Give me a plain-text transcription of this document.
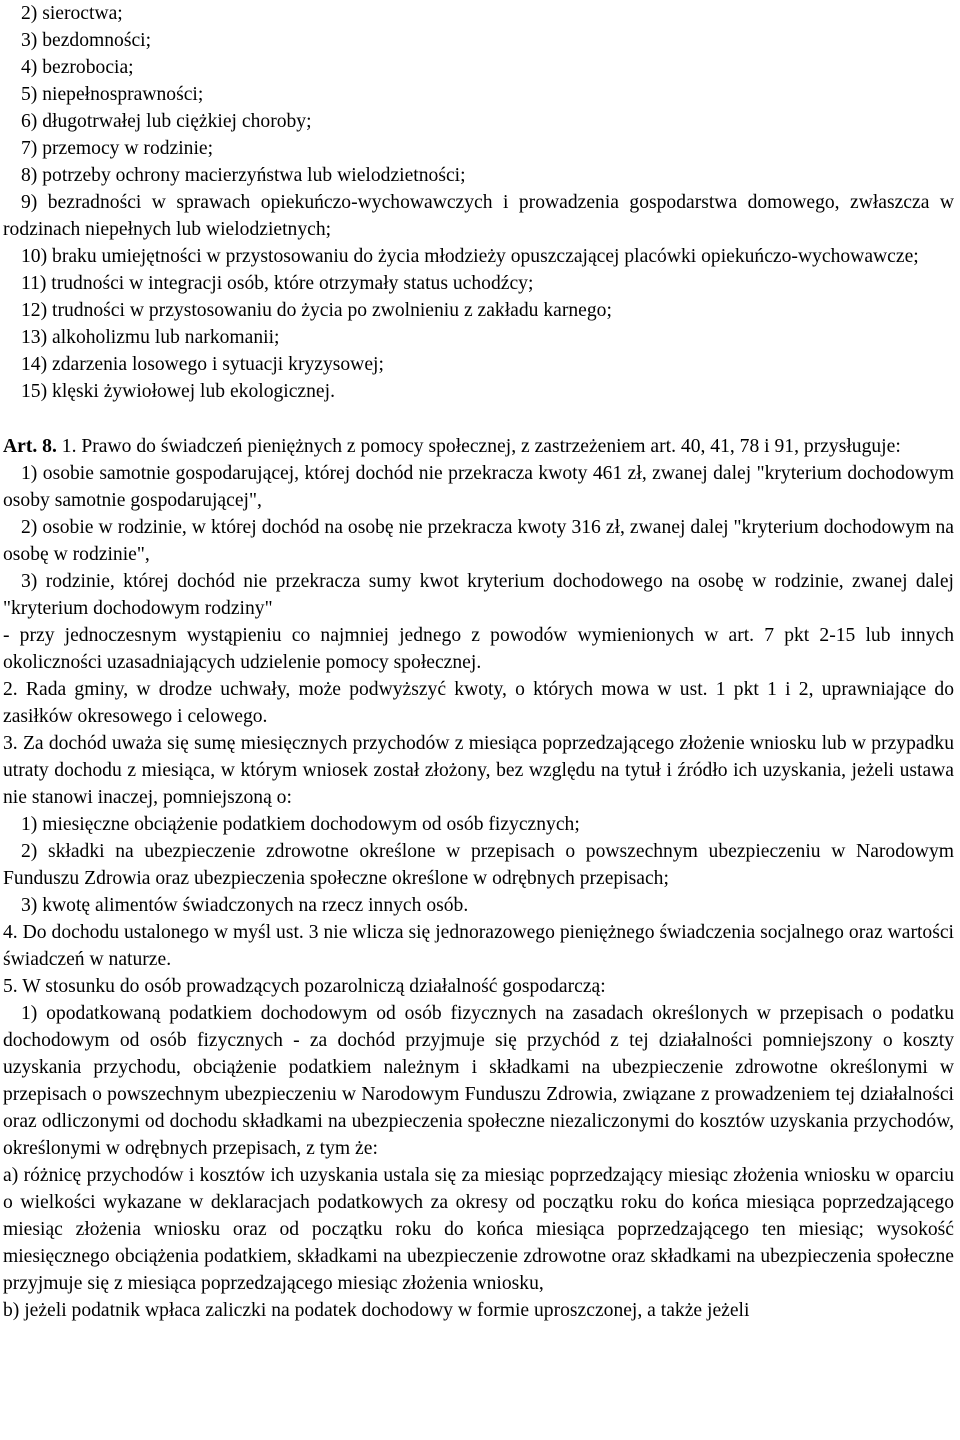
2) sieroctwa;

3) bezdomności;

4) bezrobocia;

5) niepełnosprawności;

6) długotrwałej lub ciężkiej choroby;

7) przemocy w rodzinie;

8) potrzeby ochrony macierzyństwa lub wielodzietności;

9) bezradności w sprawach opiekuńczo-wychowawczych i prowadzenia gospodarstwa domowego, zwłaszcza w rodzinach niepełnych lub wielodzietnych;

10) braku umiejętności w przystosowaniu do życia młodzieży opuszczającej placówki opiekuńczo-wychowawcze;

11) trudności w integracji osób, które otrzymały status uchodźcy;

12) trudności w przystosowaniu do życia po zwolnieniu z zakładu karnego;

13) alkoholizmu lub narkomanii;

14) zdarzenia losowego i sytuacji kryzysowej;

15) klęski żywiołowej lub ekologicznej.

Art. 8. 1. Prawo do świadczeń pieniężnych z pomocy społecznej, z zastrzeżeniem art. 40, 41, 78 i 91, przysługuje:

1) osobie samotnie gospodarującej, której dochód nie przekracza kwoty 461 zł, zwanej dalej "kryterium dochodowym osoby samotnie gospodarującej",

2) osobie w rodzinie, w której dochód na osobę nie przekracza kwoty 316 zł, zwanej dalej "kryterium dochodowym na osobę w rodzinie",

3) rodzinie, której dochód nie przekracza sumy kwot kryterium dochodowego na osobę w rodzinie, zwanej dalej "kryterium dochodowym rodziny"

- przy jednoczesnym wystąpieniu co najmniej jednego z powodów wymienionych w art. 7 pkt 2-15 lub innych okoliczności uzasadniających udzielenie pomocy społecznej.

2. Rada gminy, w drodze uchwały, może podwyższyć kwoty, o których mowa w ust. 1 pkt 1 i 2, uprawniające do zasiłków okresowego i celowego.

3. Za dochód uważa się sumę miesięcznych przychodów z miesiąca poprzedzającego złożenie wniosku lub w przypadku utraty dochodu z miesiąca, w którym wniosek został złożony, bez względu na tytuł i źródło ich uzyskania, jeżeli ustawa nie stanowi inaczej, pomniejszoną o:

1) miesięczne obciążenie podatkiem dochodowym od osób fizycznych;

2) składki na ubezpieczenie zdrowotne określone w przepisach o powszechnym ubezpieczeniu w Narodowym Funduszu Zdrowia oraz ubezpieczenia społeczne określone w odrębnych przepisach;

3) kwotę alimentów świadczonych na rzecz innych osób.

4. Do dochodu ustalonego w myśl ust. 3 nie wlicza się jednorazowego pieniężnego świadczenia socjalnego oraz wartości świadczeń w naturze.

5. W stosunku do osób prowadzących pozarolniczą działalność gospodarczą:

1) opodatkowaną podatkiem dochodowym od osób fizycznych na zasadach określonych w przepisach o podatku dochodowym od osób fizycznych - za dochód przyjmuje się przychód z tej działalności pomniejszony o koszty uzyskania przychodu, obciążenie podatkiem należnym i składkami na ubezpieczenie zdrowotne określonymi w przepisach o powszechnym ubezpieczeniu w Narodowym Funduszu Zdrowia, związane z prowadzeniem tej działalności oraz odliczonymi od dochodu składkami na ubezpieczenia społeczne niezaliczonymi do kosztów uzyskania przychodów, określonymi w odrębnych przepisach, z tym że:

a) różnicę przychodów i kosztów ich uzyskania ustala się za miesiąc poprzedzający miesiąc złożenia wniosku w oparciu o wielkości wykazane w deklaracjach podatkowych za okresy od początku roku do końca miesiąca poprzedzającego miesiąc złożenia wniosku oraz od początku roku do końca miesiąca poprzedzającego ten miesiąc; wysokość miesięcznego obciążenia podatkiem, składkami na ubezpieczenie zdrowotne oraz składkami na ubezpieczenia społeczne przyjmuje się z miesiąca poprzedzającego miesiąc złożenia wniosku,

b) jeżeli podatnik wpłaca zaliczki na podatek dochodowy w formie uproszczonej, a także jeżeli
